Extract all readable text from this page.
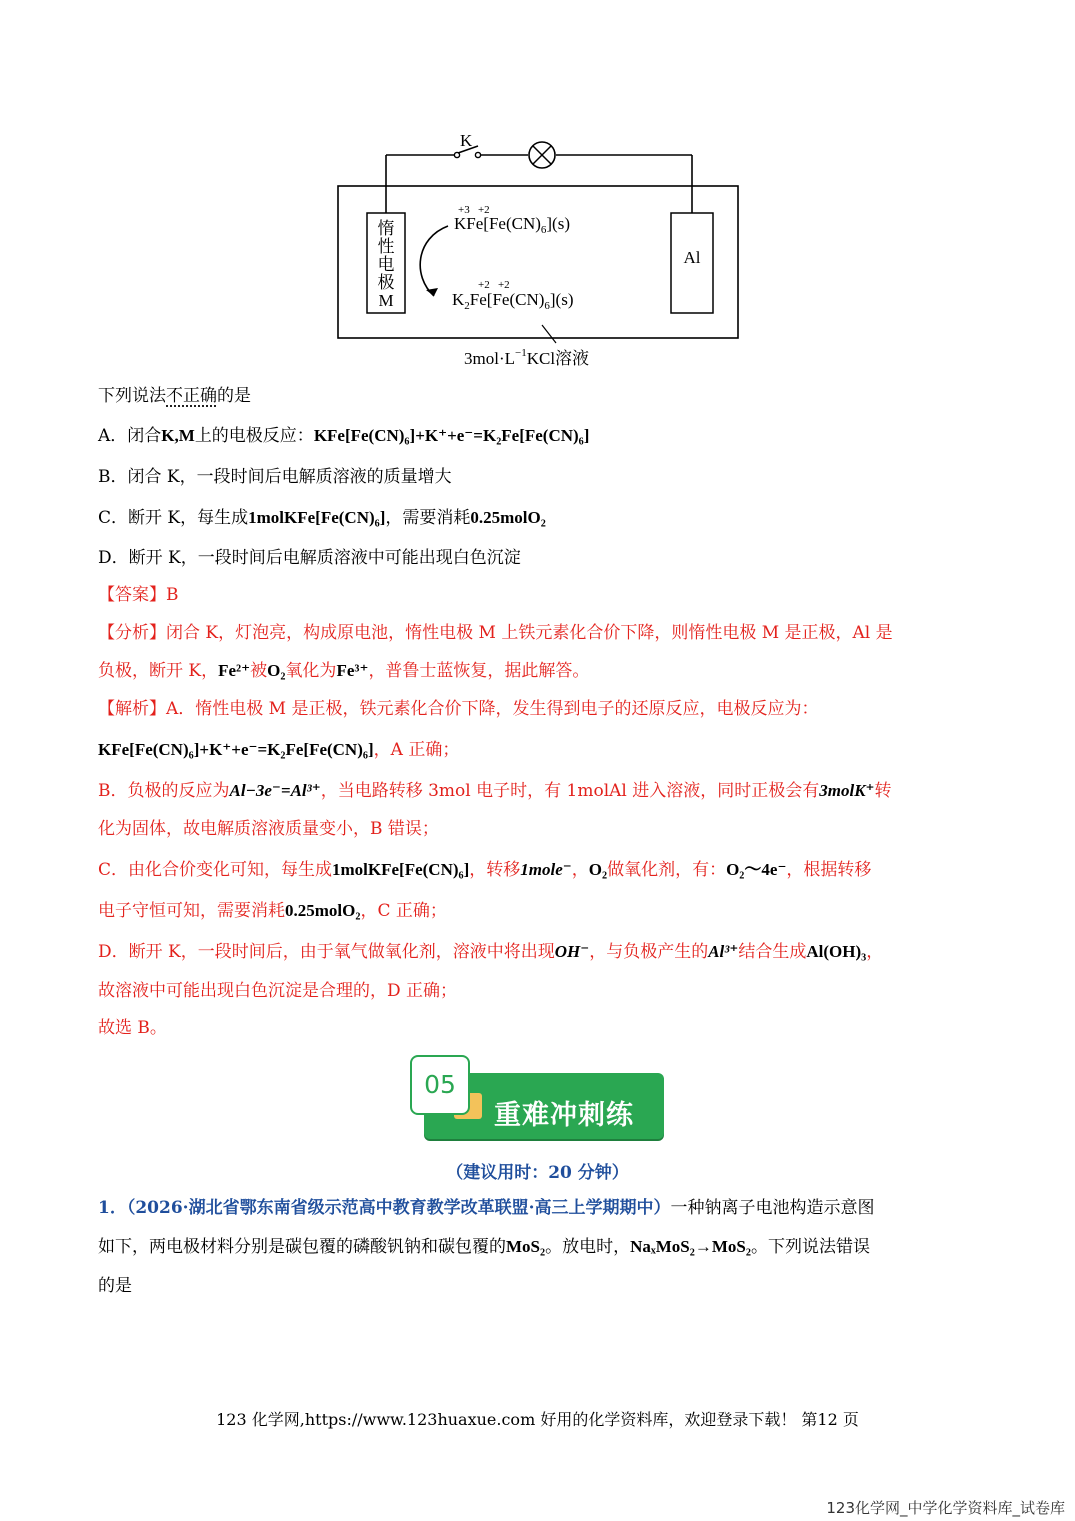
K
惰
性
电
极
M
Al
+3   +2
$KFe[Fe(CN)_6](s)$
+2   +2
$K_2Fe[Fe(CN)_6](s)$
$3mol\cdot L^{-1}KCl$溶液
下列说法不正确的是
A．闭合K,M上的电极反应：KFe[Fe(CN)₆]+K⁺+e⁻=K₂Fe[Fe(CN)₆]
B．闭合 K，一段时间后电解质溶液的质量增大
C．断开 K，每生成1molKFe[Fe(CN)₆]，需要消耗0.25molO₂
D．断开 K，一段时间后电解质溶液中可能出现白色沉淀
【答案】B
【分析】闭合 K，灯泡亮，构成原电池，惰性电极 M 上铁元素化合价下降，则惰性电极 M 是正极，Al 是
负极，断开 K，Fe²⁺被O₂氧化为Fe³⁺，普鲁士蓝恢复，据此解答。
【解析】A．惰性电极 M 是正极，铁元素化合价下降，发生得到电子的还原反应，电极反应为：
KFe[Fe(CN)₆]+K⁺+e⁻=K₂Fe[Fe(CN)₆]，A 正确；
B．负极的反应为Al−3e⁻=Al³⁺，当电路转移 3mol 电子时，有 1molAl 进入溶液，同时正极会有3molK⁺转
化为固体，故电解质溶液质量变小，B 错误；
C．由化合价变化可知，每生成1molKFe[Fe(CN)₆]，转移1mole⁻，O₂做氧化剂，有：O₂～4e⁻，根据转移
电子守恒可知，需要消耗0.25molO₂，C 正确；
D．断开 K，一段时间后，由于氧气做氧化剂，溶液中将出现OH⁻，与负极产生的Al³⁺结合生成Al(OH)₃，
故溶液中可能出现白色沉淀是合理的，D 正确；
故选 B。
05
重难冲刺练
（建议用时：20 分钟）
1．（2026·湖北省鄂东南省级示范高中教育教学改革联盟·高三上学期期中）一种钠离子电池构造示意图
如下，两电极材料分别是碳包覆的磷酸钒钠和碳包覆的MoS₂。放电时，NaₓMoS₂→MoS₂。下列说法错误
的是
123 化学网,https://www.123huaxue.com 好用的化学资料库，欢迎登录下载！ 第12 页
123化学网_中学化学资料库_试卷库
